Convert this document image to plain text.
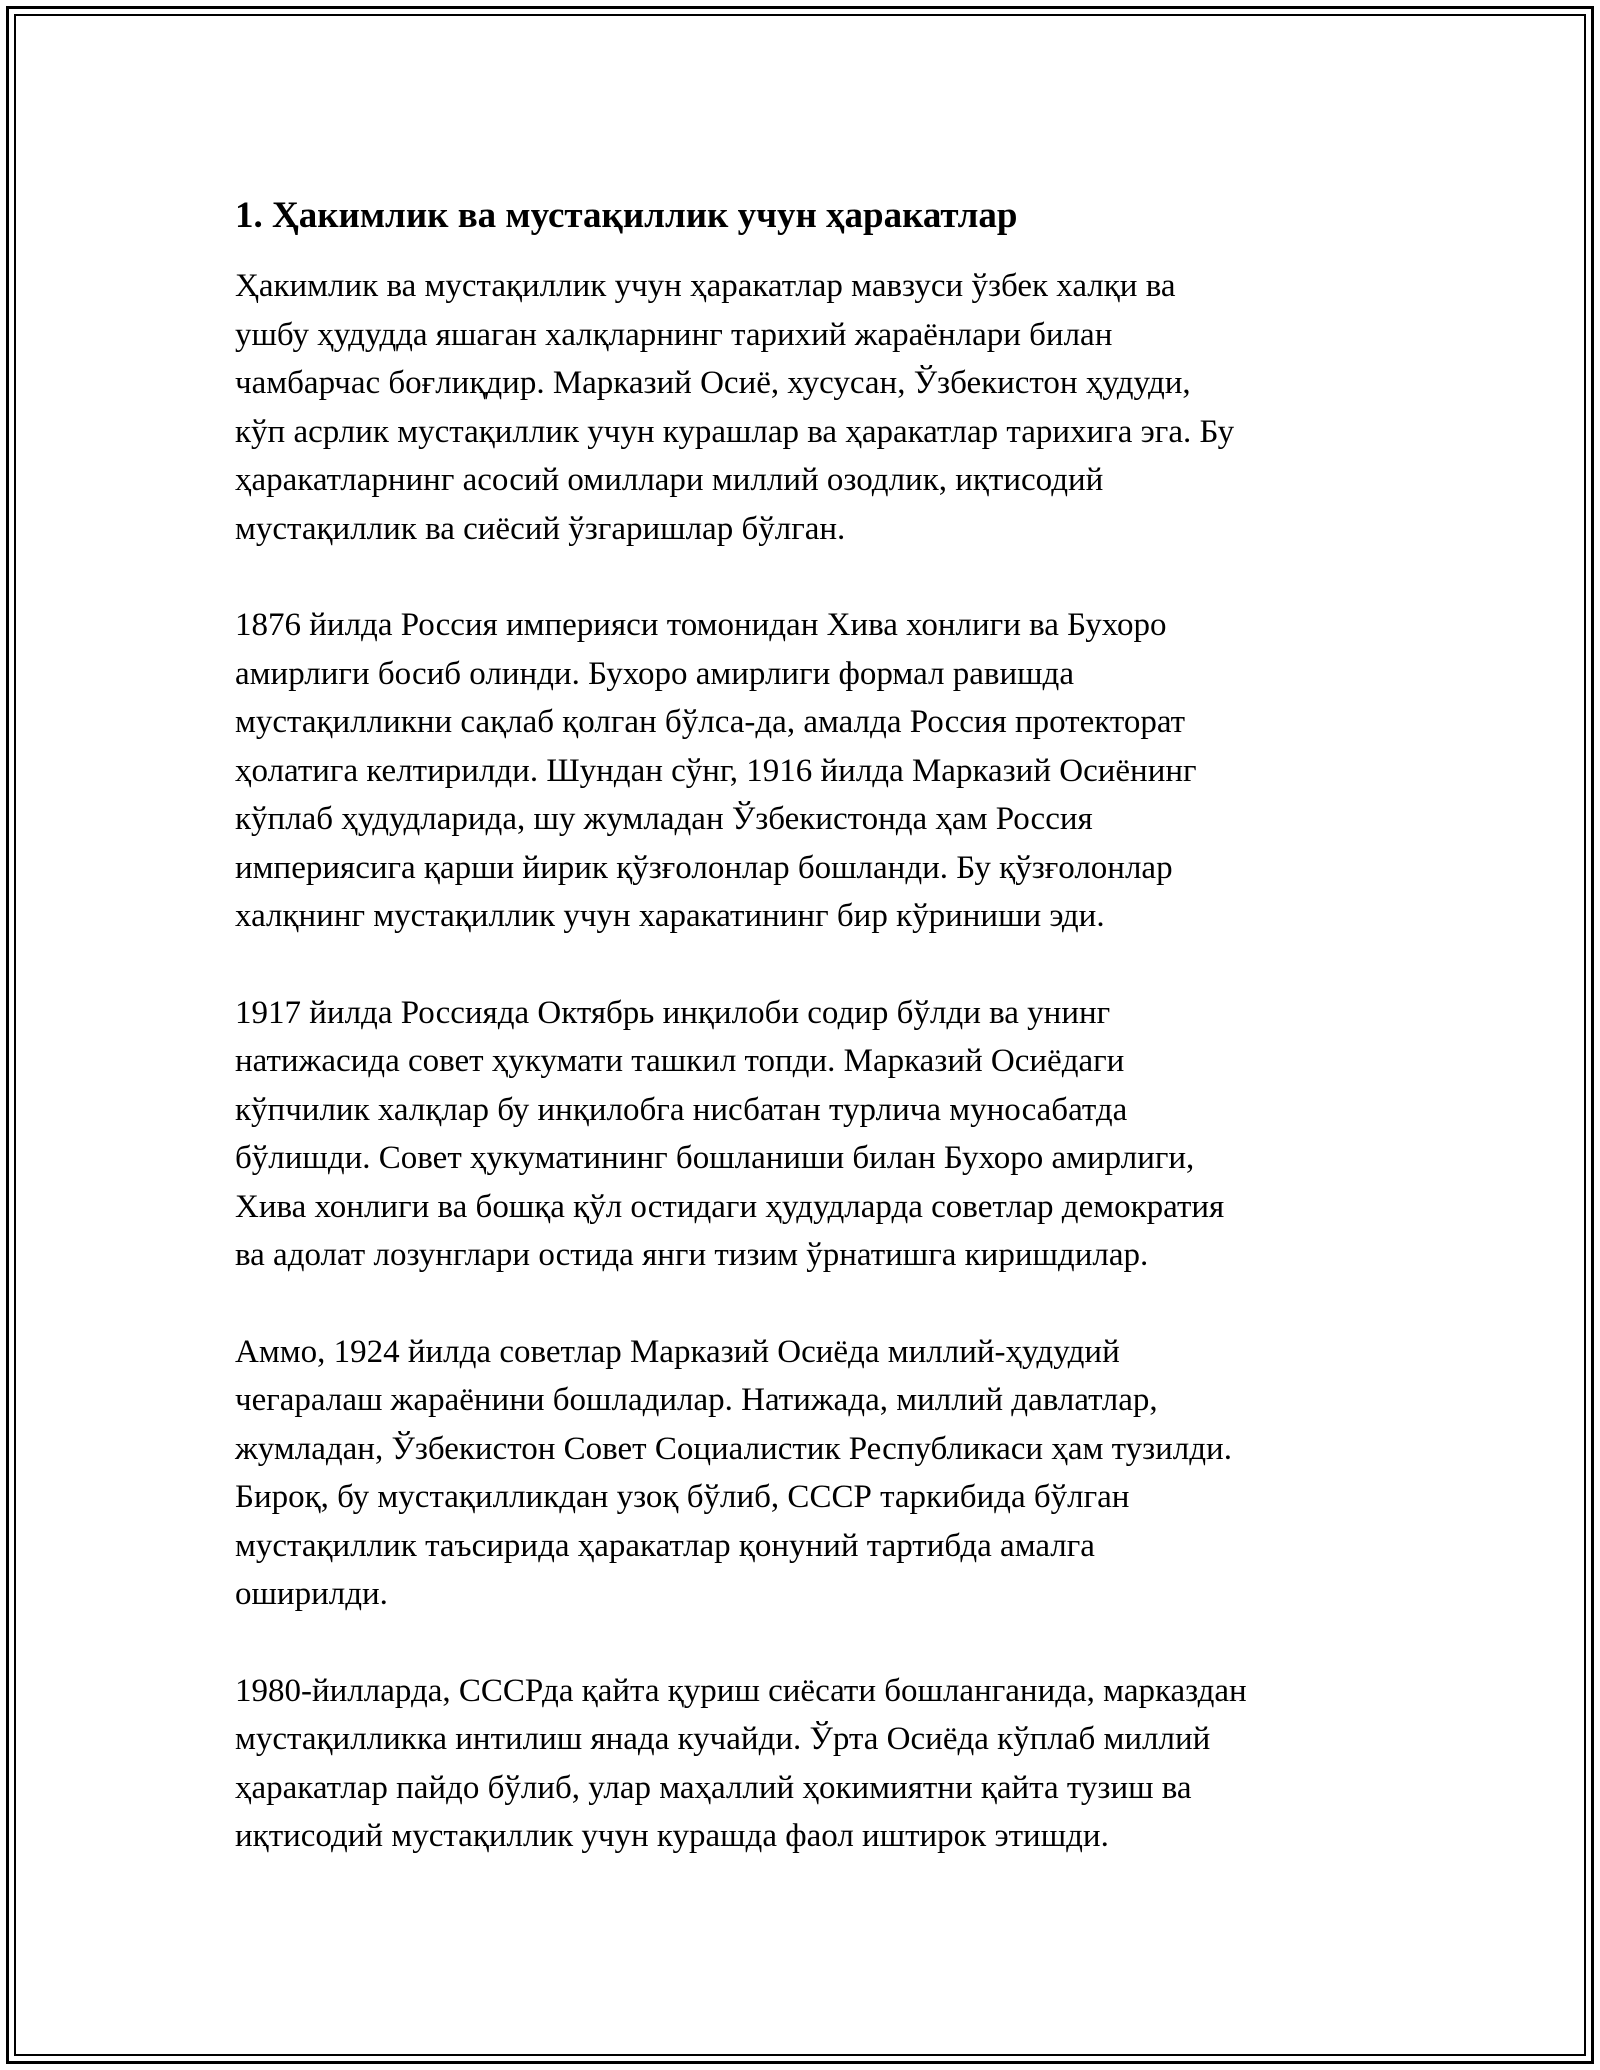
1. Ҳакимлик ва мустақиллик учун ҳаракатлар

Ҳакимлик ва мустақиллик учун ҳаракатлар мавзуси ўзбек халқи ва
ушбу ҳудудда яшаган халқларнинг тарихий жараёнлари билан
чамбарчас боғлиқдир. Марказий Осиё, хусусан, Ўзбекистон ҳудуди,
кўп асрлик мустақиллик учун курашлар ва ҳаракатлар тарихига эга. Бу
ҳаракатларнинг асосий омиллари миллий озодлик, иқтисодий
мустақиллик ва сиёсий ўзгаришлар бўлган.

1876 йилда Россия империяси томонидан Хива хонлиги ва Бухоро
амирлиги босиб олинди. Бухоро амирлиги формал равишда
мустақилликни сақлаб қолган бўлса-да, амалда Россия протекторат
ҳолатига келтирилди. Шундан сўнг, 1916 йилда Марказий Осиёнинг
кўплаб ҳудудларида, шу жумладан Ўзбекистонда ҳам Россия
империясига қарши йирик қўзғолонлар бошланди. Бу қўзғолонлар
халқнинг мустақиллик учун харакатининг бир кўриниши эди.

1917 йилда Россияда Октябрь инқилоби содир бўлди ва унинг
натижасида совет ҳукумати ташкил топди. Марказий Осиёдаги
кўпчилик халқлар бу инқилобга нисбатан турлича муносабатда
бўлишди. Совет ҳукуматининг бошланиши билан Бухоро амирлиги,
Хива хонлиги ва бошқа қўл остидаги ҳудудларда советлар демократия
ва адолат лозунглари остида янги тизим ўрнатишга киришдилар.

Аммо, 1924 йилда советлар Марказий Осиёда миллий-ҳудудий
чегаралаш жараёнини бошладилар. Натижада, миллий давлатлар,
жумладан, Ўзбекистон Совет Социалистик Республикаси ҳам тузилди.
Бироқ, бу мустақилликдан узоқ бўлиб, СССР таркибида бўлган
мустақиллик таъсирида ҳаракатлар қонуний тартибда амалга
оширилди.

1980-йилларда, СССРда қайта қуриш сиёсати бошланганида, марказдан
мустақилликка интилиш янада кучайди. Ўрта Осиёда кўплаб миллий
ҳаракатлар пайдо бўлиб, улар маҳаллий ҳокимиятни қайта тузиш ва
иқтисодий мустақиллик учун курашда фаол иштирок этишди.
